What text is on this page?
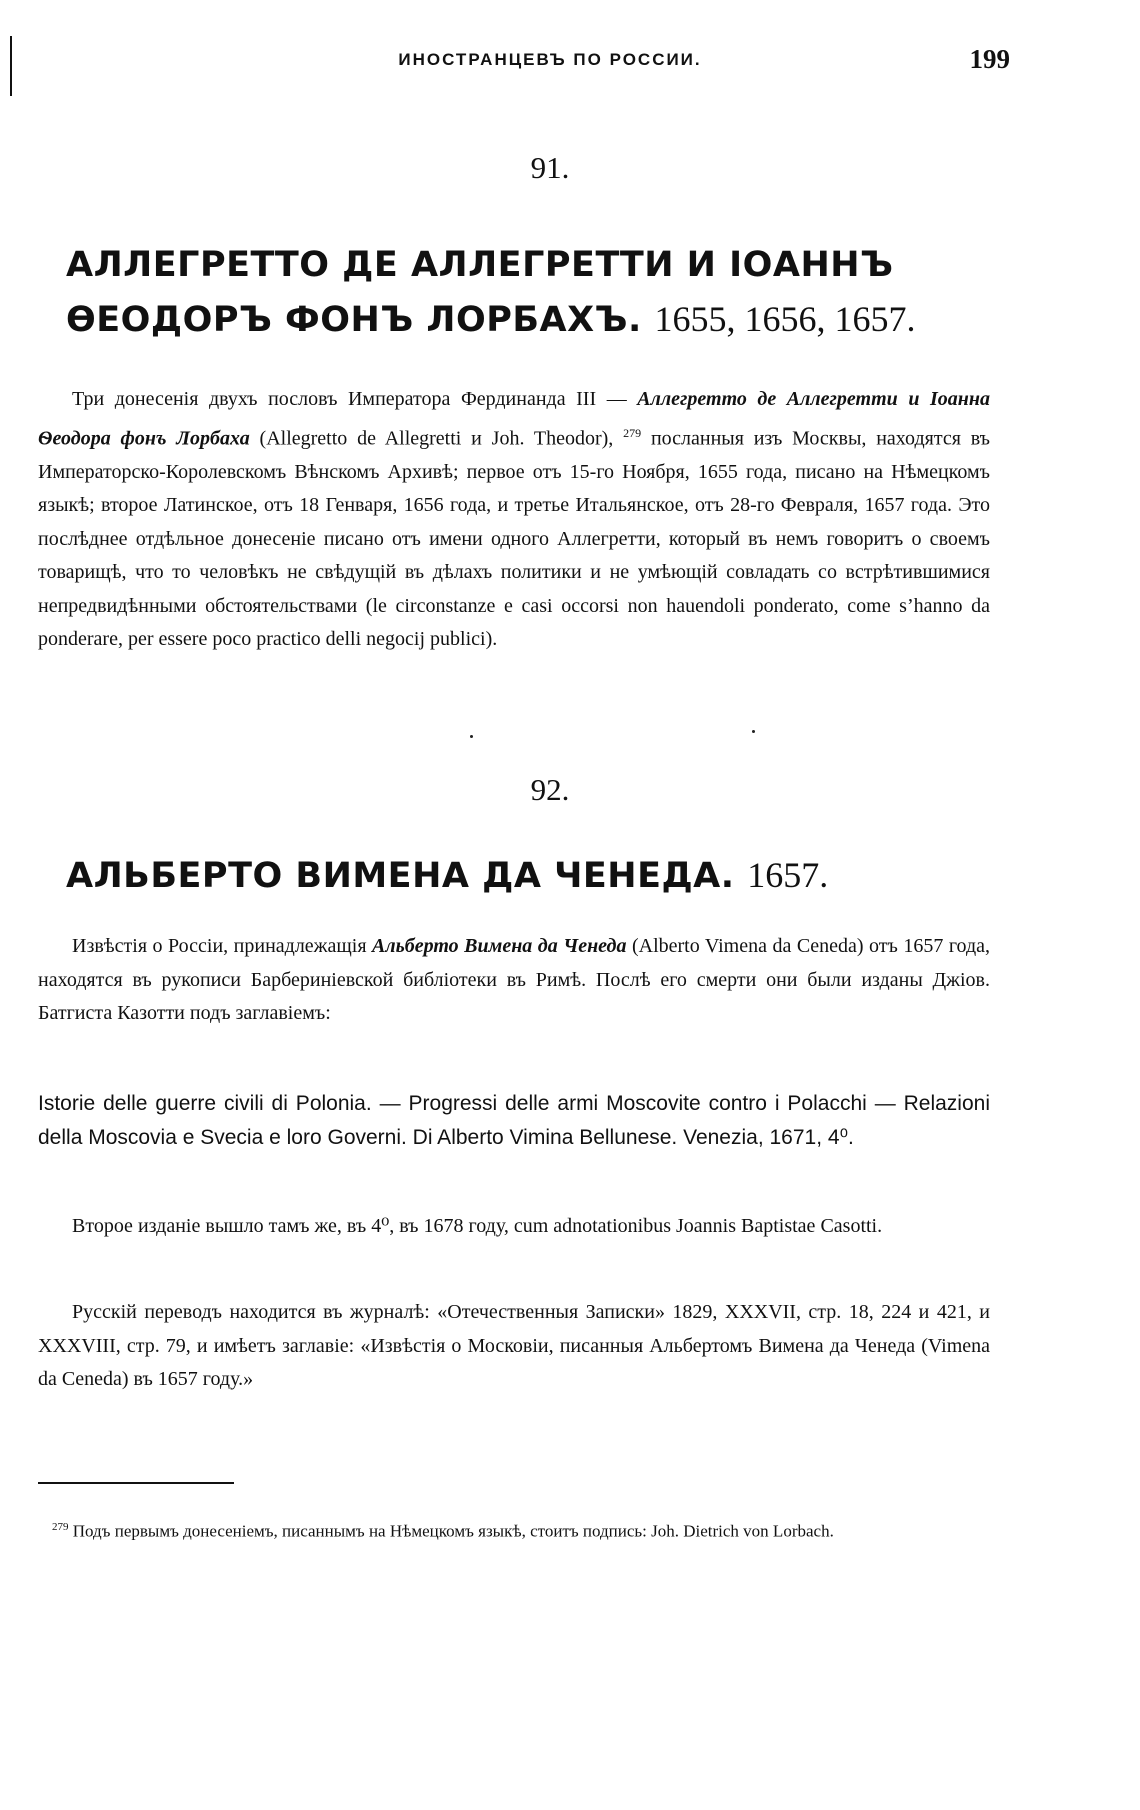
ИНОСТРАНЦЕВЪ ПО РОССИИ.	199
91.
АЛЛЕГРЕТТО ДЕ АЛЛЕГРЕТТИ И ІОАННЪ ѲЕОДОРЪ ФОНЪ ЛОРБАХЪ. 1655, 1656, 1657.
Три донесенія двухъ пословъ Императора Фердинанда III — Аллегретто де Аллегретти и Іоанна Ѳеодора фонъ Лорбаха (Allegretto de Allegretti и Joh. Theodor), $^{279}$ посланныя изъ Москвы, находятся въ Императорско-Королевскомъ Вѣнскомъ Архивѣ; первое отъ 15-го Ноября, 1655 года, писано на Нѣмецкомъ языкѣ; второе Латинское, отъ 18 Генваря, 1656 года, и третье Итальянское, отъ 28-го Февраля, 1657 года. Это послѣднее отдѣльное донесеніе писано отъ имени одного Аллегретти, который въ немъ говоритъ о своемъ товарищѣ, что то человѣкъ не свѣдущій въ дѣлахъ политики и не умѣющій совладать со встрѣтившимися непредвидѣнными обстоятельствами (le circonstanze e casi occorsi non hauendoli ponderato, come s’hanno da ponderare, per essere poco practico delli negocij publici).
92.
АЛЬБЕРТО ВИМЕНА ДА ЧЕНЕДА. 1657.
Извѣстія о Россіи, принадлежащія Альберто Вимена да Ченеда (Alberto Vimena da Ceneda) отъ 1657 года, находятся въ рукописи Барберинiевской библіотеки въ Римѣ. Послѣ его смерти они были изданы Джіов. Батгиста Казотти подъ заглавіемъ:
Istorie delle guerre civili di Polonia. — Progressi delle armi Moscovite contro i Polacchi — Relazioni della Moscovia e Svecia e loro Governi. Di Alberto Vimina Bellunese. Venezia, 1671, 4⁰.
Второе изданіе вышло тамъ же, въ 4⁰, въ 1678 году, cum adnotationibus Joannis Baptistae Casotti.
Русскій переводъ находится въ журналѣ: «Отечественныя Записки» 1829, XXXVII, стр. 18, 224 и 421, и XXXVIII, стр. 79, и имѣетъ заглавіе: «Извѣстія о Московіи, писанныя Альбертомъ Вимена да Ченеда (Vimena da Ceneda) въ 1657 году.»
$^{279}$ Подъ первымъ донесеніемъ, писаннымъ на Нѣмецкомъ языкѣ, стоитъ подпись: Joh. Dietrich von Lorbach.
